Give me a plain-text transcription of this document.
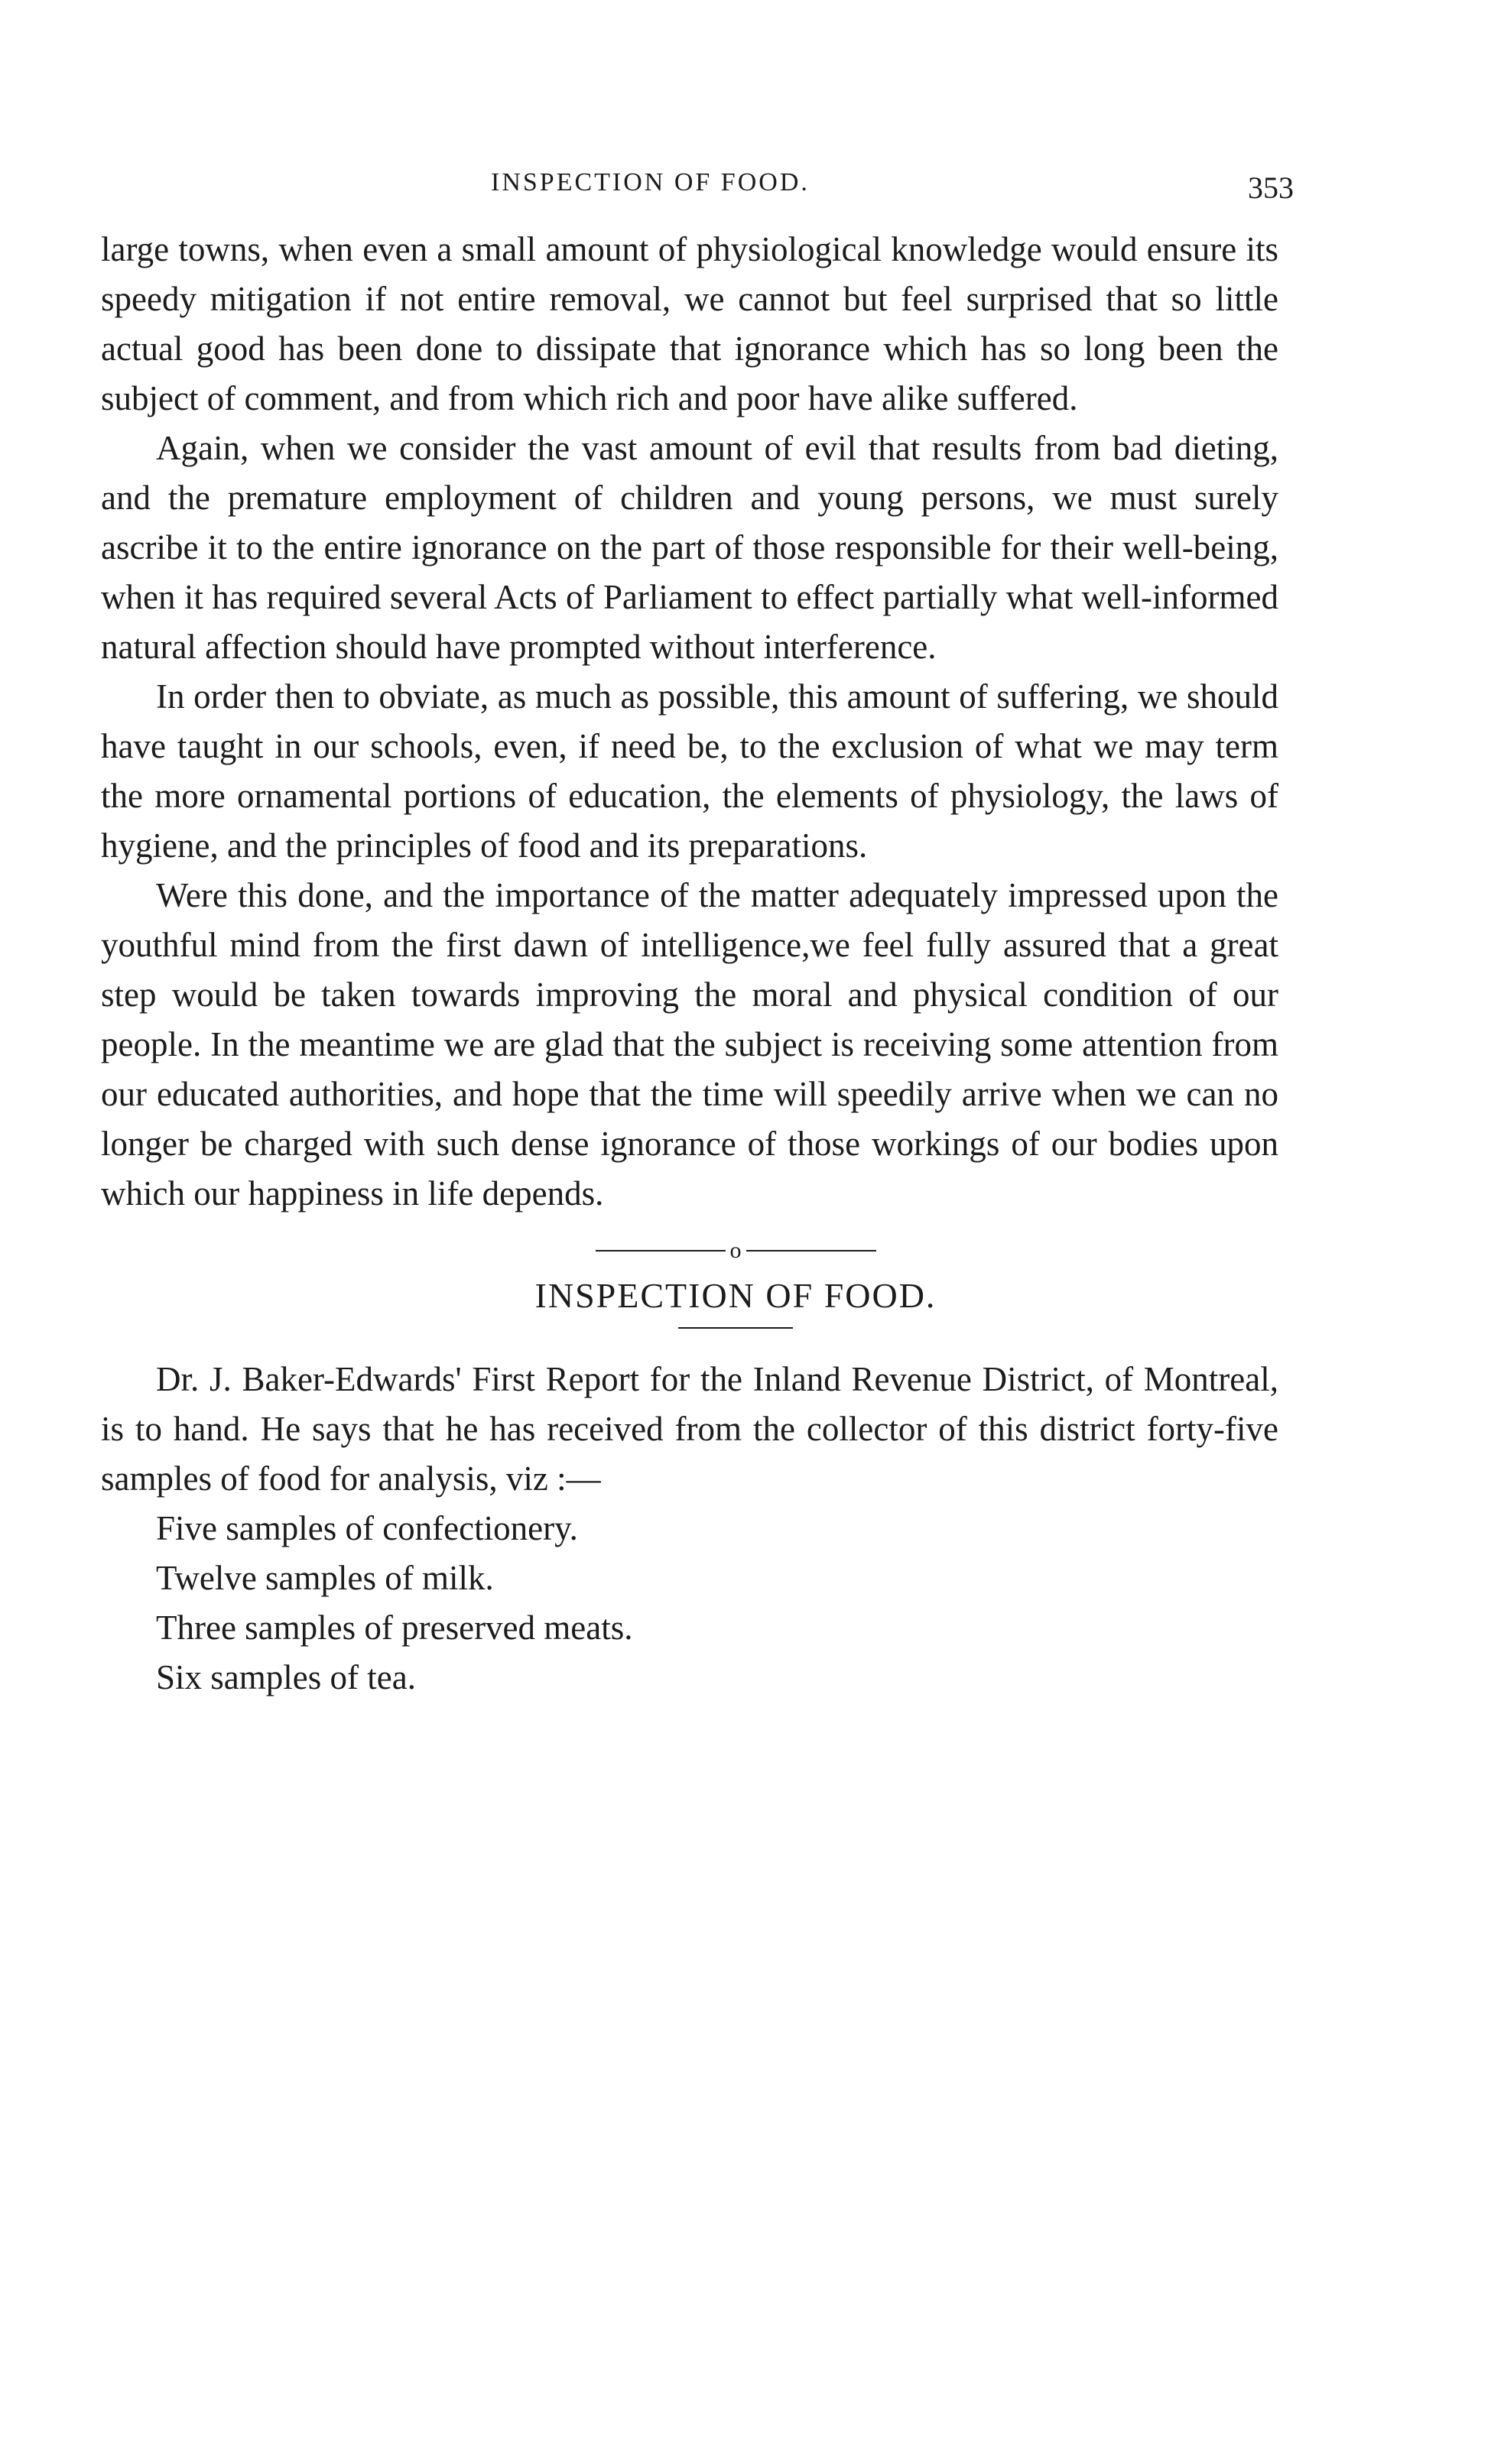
INSPECTION OF FOOD.	353

large towns, when even a small amount of physiological knowledge would ensure its speedy mitigation if not entire removal, we cannot but feel surprised that so little actual good has been done to dissipate that ignorance which has so long been the subject of comment, and from which rich and poor have alike suffered.

Again, when we consider the vast amount of evil that results from bad dieting, and the premature employment of children and young persons, we must surely ascribe it to the entire ignorance on the part of those responsible for their well-being, when it has required several Acts of Parliament to effect partially what well-informed natural affection should have prompted without interference.

In order then to obviate, as much as possible, this amount of suffering, we should have taught in our schools, even, if need be, to the exclusion of what we may term the more ornamental portions of education, the elements of physiology, the laws of hygiene, and the principles of food and its preparations.

Were this done, and the importance of the matter adequately impressed upon the youthful mind from the first dawn of intelligence,we feel fully assured that a great step would be taken towards improving the moral and physical condition of our people. In the meantime we are glad that the subject is receiving some attention from our educated authorities, and hope that the time will speedily arrive when we can no longer be charged with such dense ignorance of those workings of our bodies upon which our happiness in life depends.

o
INSPECTION OF FOOD.

Dr. J. Baker-Edwards' First Report for the Inland Revenue District, of Montreal, is to hand. He says that he has received from the collector of this district forty-five samples of food for analysis, viz :—

Five samples of confectionery.
Twelve samples of milk.
Three samples of preserved meats.
Six samples of tea.
